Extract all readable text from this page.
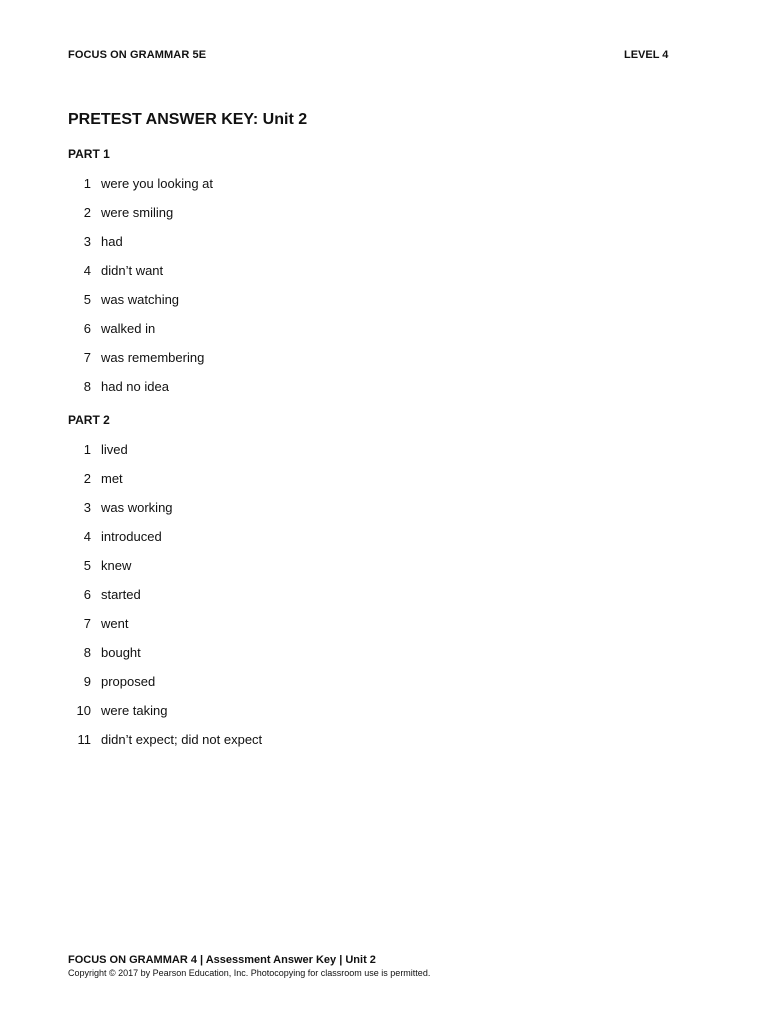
FOCUS ON GRAMMAR 5E	LEVEL 4
PRETEST ANSWER KEY: Unit 2
PART 1
1 were you looking at
2 were smiling
3 had
4 didn’t want
5 was watching
6 walked in
7 was remembering
8 had no idea
PART 2
1 lived
2 met
3 was working
4 introduced
5 knew
6 started
7 went
8 bought
9 proposed
10 were taking
11 didn’t expect; did not expect
FOCUS ON GRAMMAR 4 | Assessment Answer Key | Unit 2
Copyright © 2017 by Pearson Education, Inc. Photocopying for classroom use is permitted.
